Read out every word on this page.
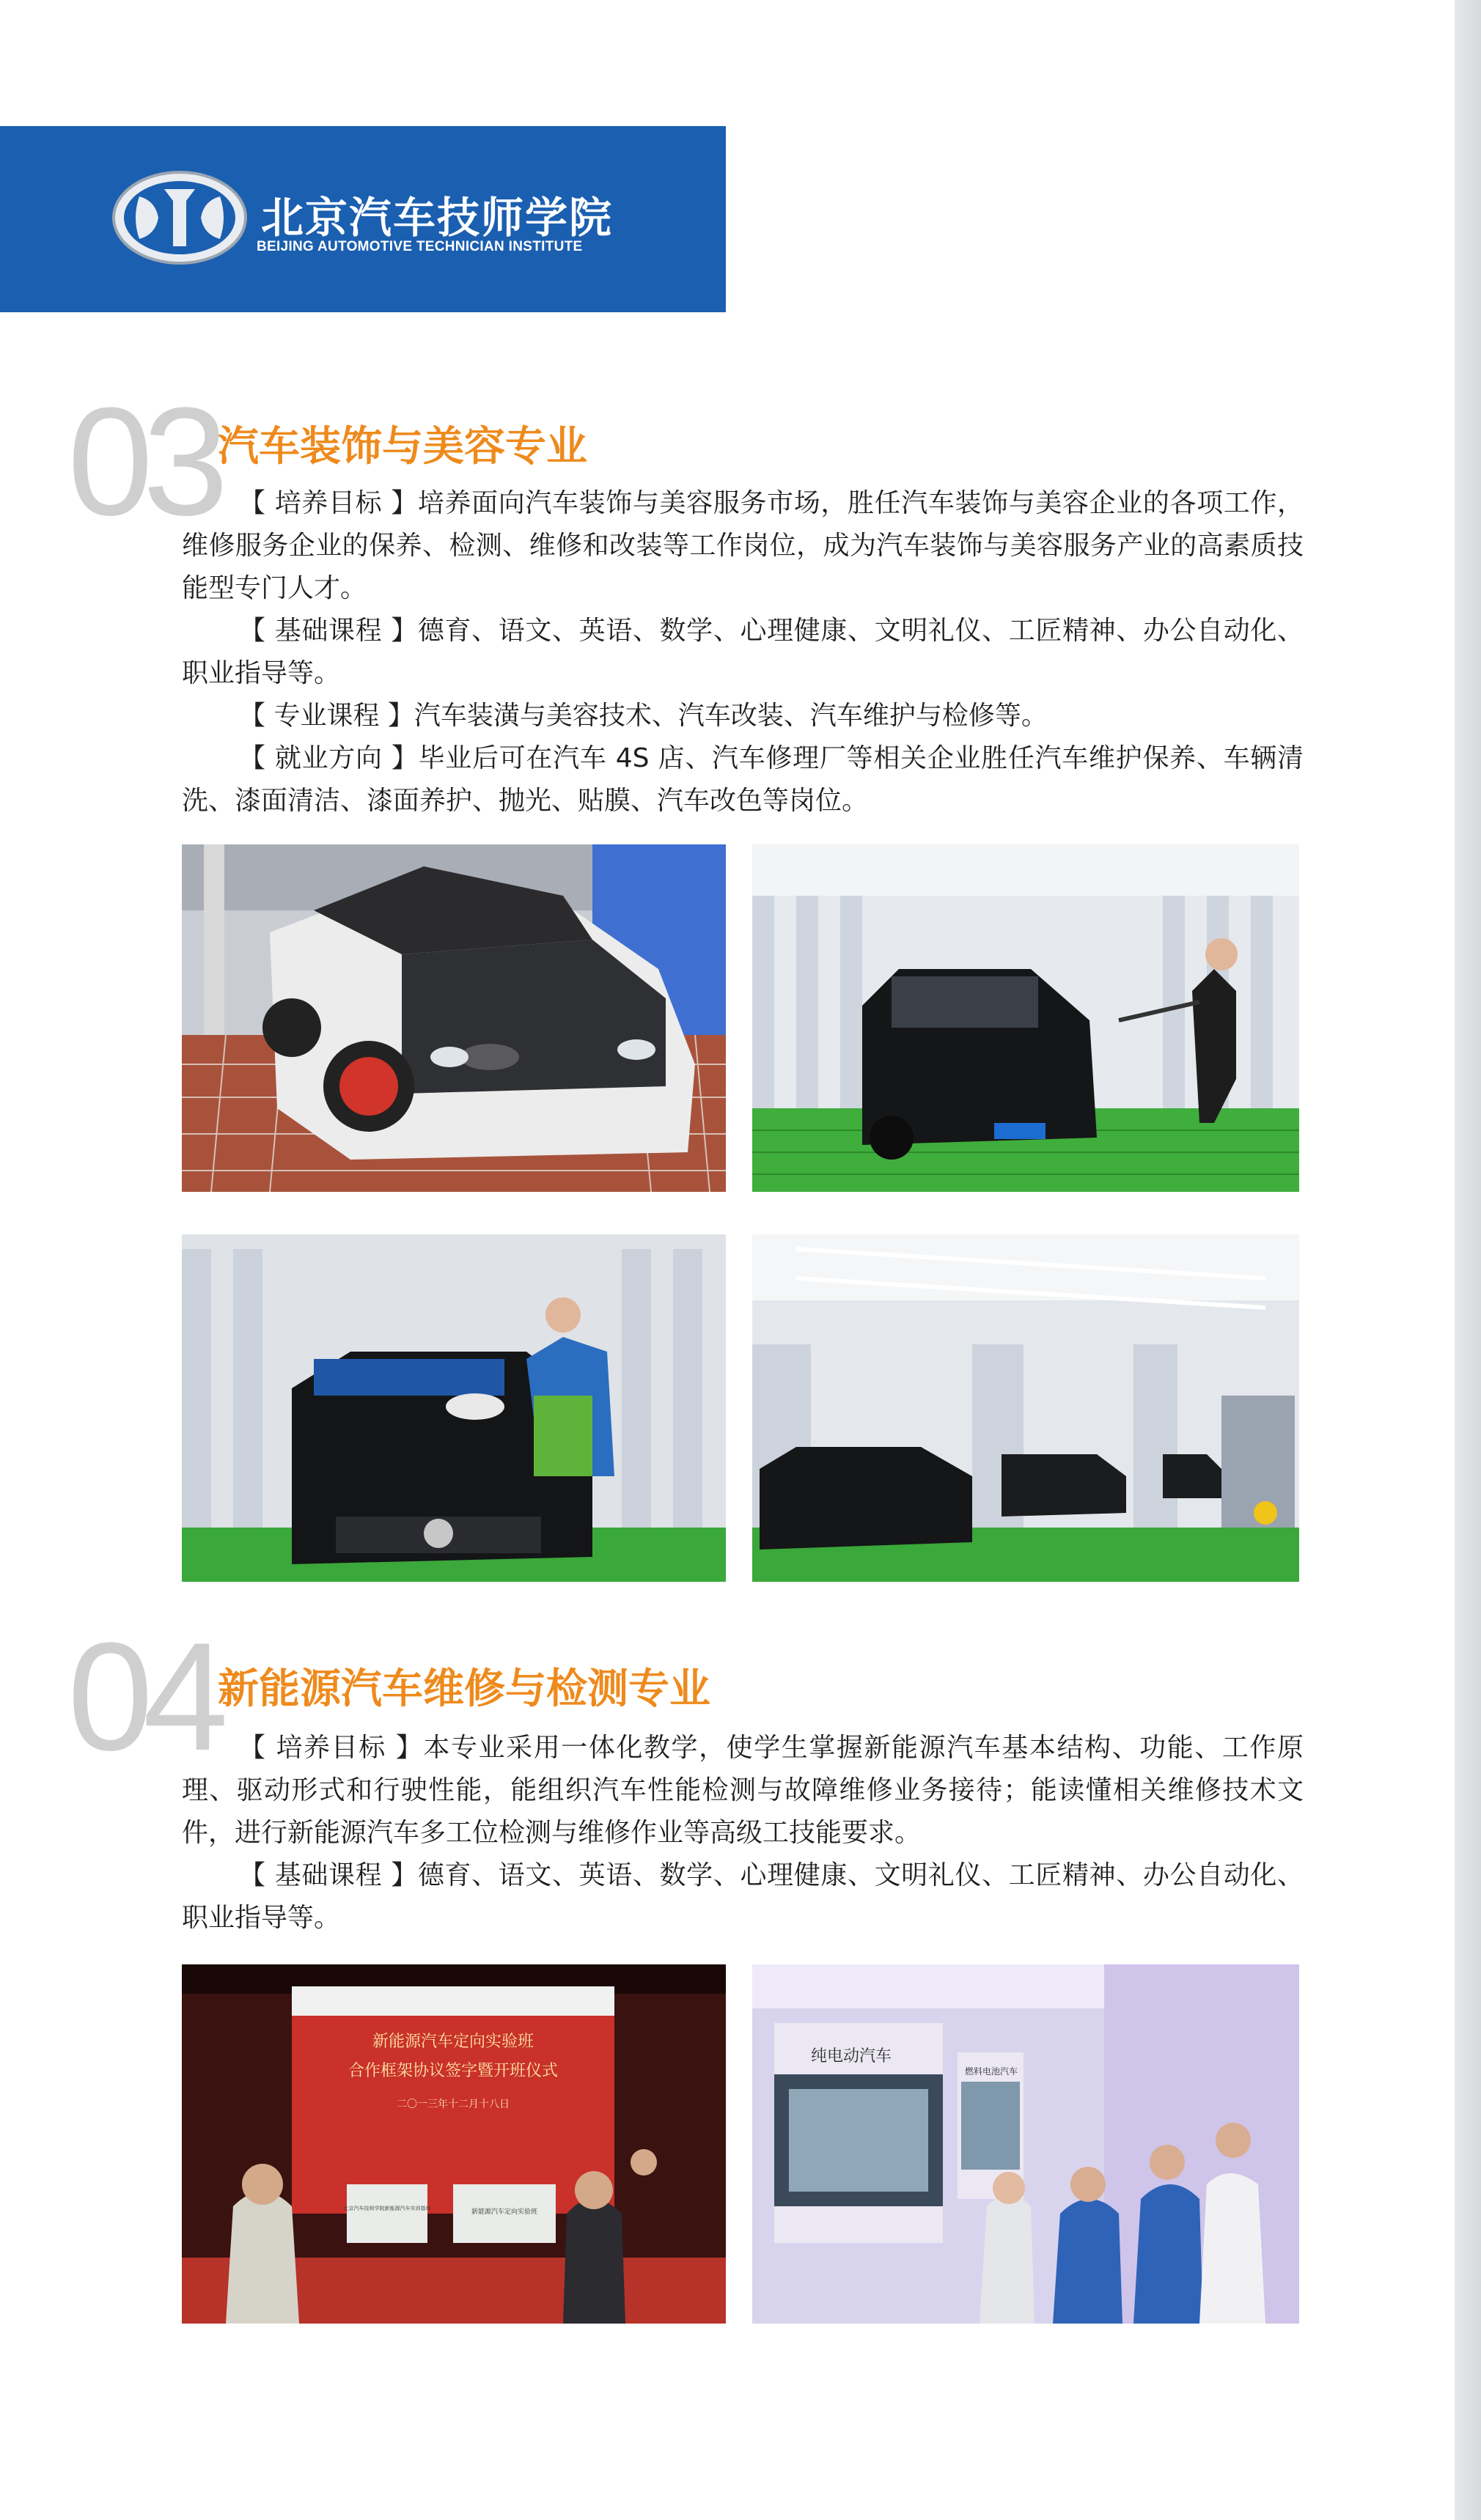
北京汽车技师学院
BEIJING AUTOMOTIVE TECHNICIAN INSTITUTE
03 汽车装饰与美容专业

【 培养目标 】培养面向汽车装饰与美容服务市场，胜任汽车装饰与美容企业的各项工作，维修服务企业的保养、检测、维修和改装等工作岗位，成为汽车装饰与美容服务产业的高素质技能型专门人才。

【 基础课程 】德育、语文、英语、数学、心理健康、文明礼仪、工匠精神、办公自动化、职业指导等。

【 专业课程 】汽车装潢与美容技术、汽车改装、汽车维护与检修等。

【 就业方向 】毕业后可在汽车 4S 店、汽车修理厂等相关企业胜任汽车维护保养、车辆清洗、漆面清洁、漆面养护、抛光、贴膜、汽车改色等岗位。

04 新能源汽车维修与检测专业

【 培养目标 】本专业采用一体化教学，使学生掌握新能源汽车基本结构、功能、工作原理、驱动形式和行驶性能，能组织汽车性能检测与故障维修业务接待；能读懂相关维修技术文件，进行新能源汽车多工位检测与维修作业等高级工技能要求。

【 基础课程 】德育、语文、英语、数学、心理健康、文明礼仪、工匠精神、办公自动化、职业指导等。

新能源汽车定向实验班
合作框架协议签字暨开班仪式
二〇一三年十二月十八日
北京汽车技师学院新能源汽车实训基地	新能源汽车定向实验班
纯电动汽车
燃料电池汽车
